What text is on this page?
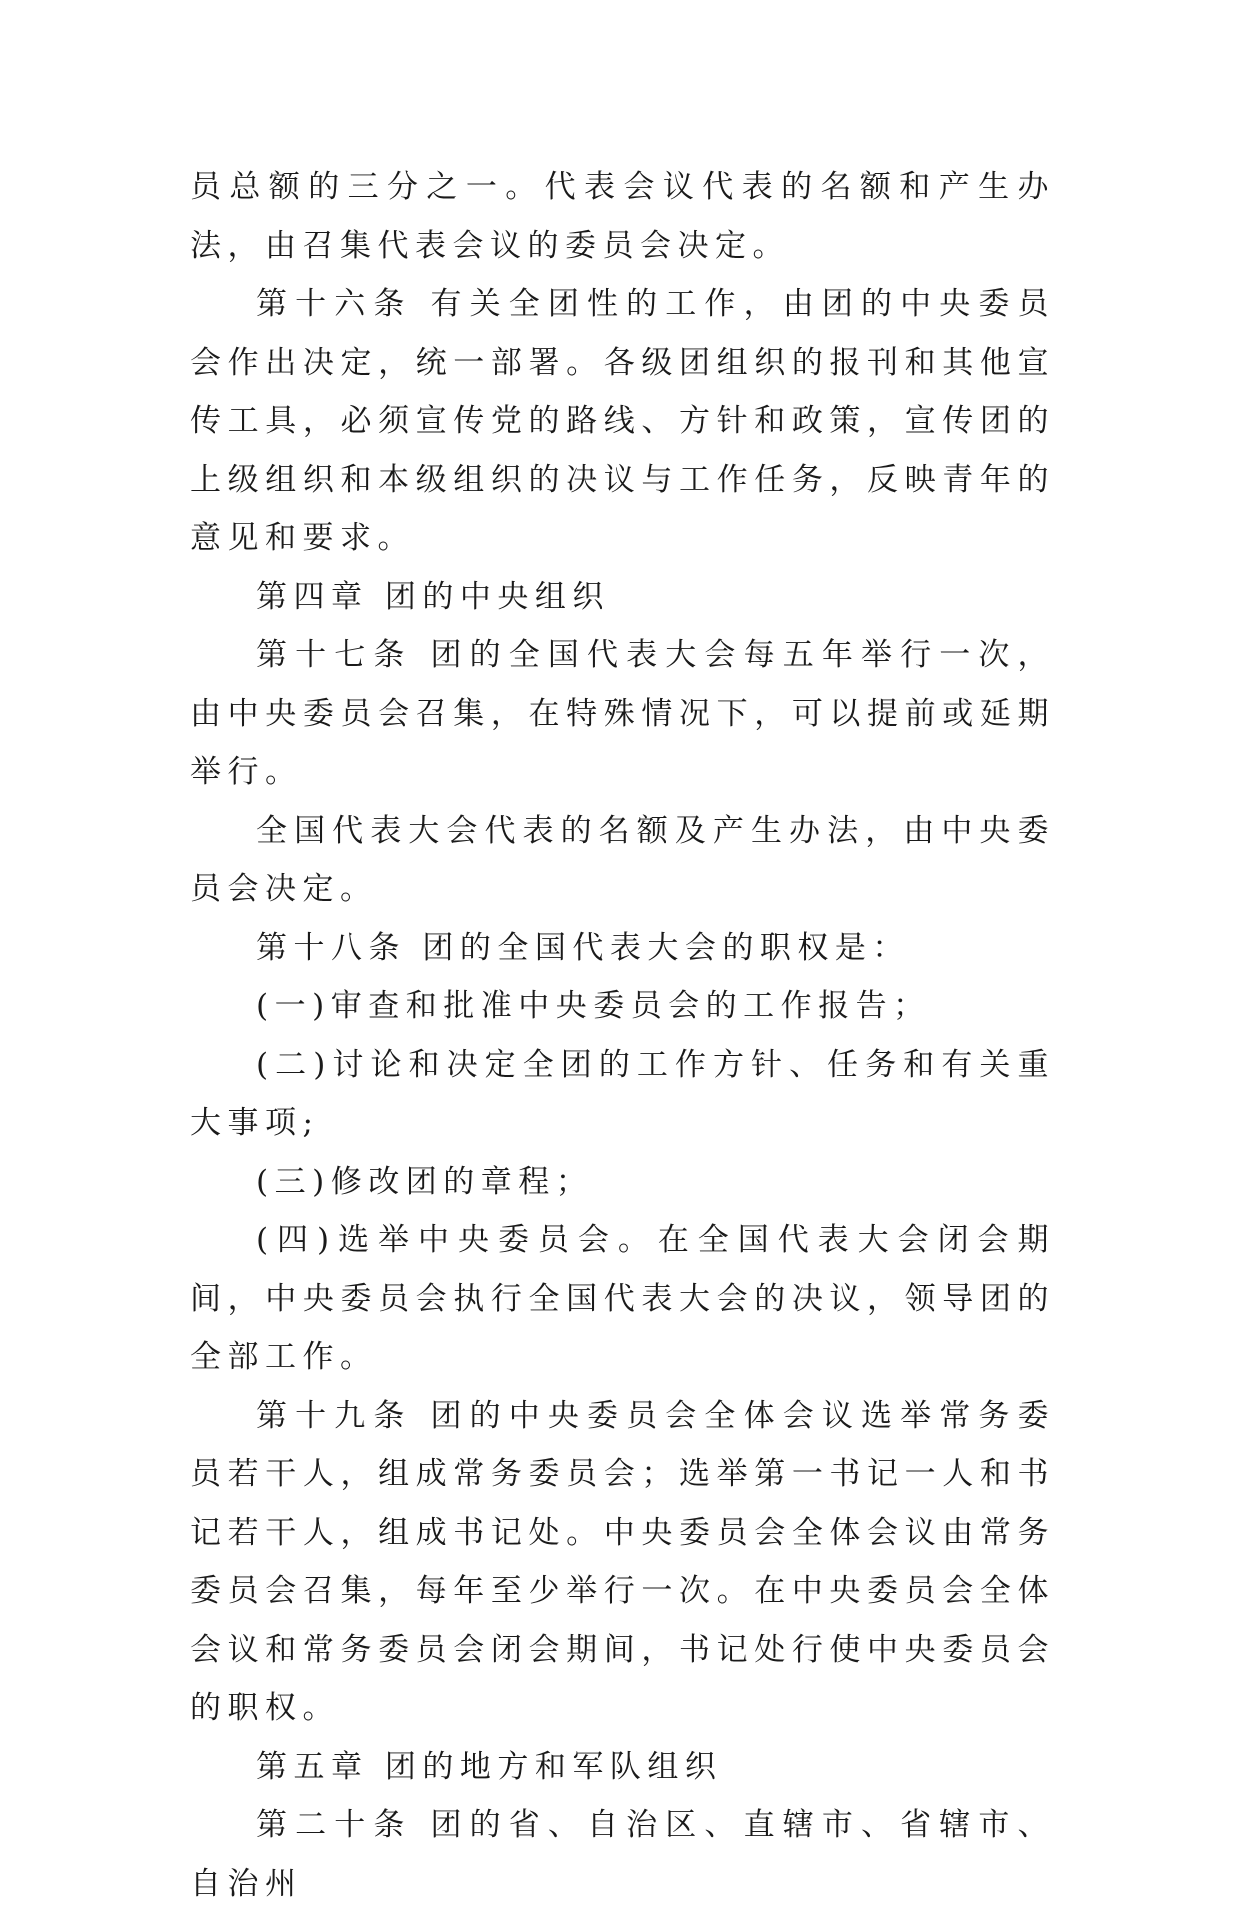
员总额的三分之一。代表会议代表的名额和产生办法，由召集代表会议的委员会决定。

第十六条 有关全团性的工作，由团的中央委员会作出决定，统一部署。各级团组织的报刊和其他宣传工具，必须宣传党的路线、方针和政策，宣传团的上级组织和本级组织的决议与工作任务，反映青年的意见和要求。

第四章 团的中央组织

第十七条 团的全国代表大会每五年举行一次，由中央委员会召集，在特殊情况下，可以提前或延期举行。

全国代表大会代表的名额及产生办法，由中央委员会决定。

第十八条 团的全国代表大会的职权是：

(一)审查和批准中央委员会的工作报告；

(二)讨论和决定全团的工作方针、任务和有关重大事项;

(三)修改团的章程；

(四)选举中央委员会。在全国代表大会闭会期间，中央委员会执行全国代表大会的决议，领导团的全部工作。

第十九条 团的中央委员会全体会议选举常务委员若干人，组成常务委员会；选举第一书记一人和书记若干人，组成书记处。中央委员会全体会议由常务委员会召集，每年至少举行一次。在中央委员会全体会议和常务委员会闭会期间，书记处行使中央委员会的职权。

第五章 团的地方和军队组织

第二十条 团的省、自治区、直辖市、省辖市、自治州
